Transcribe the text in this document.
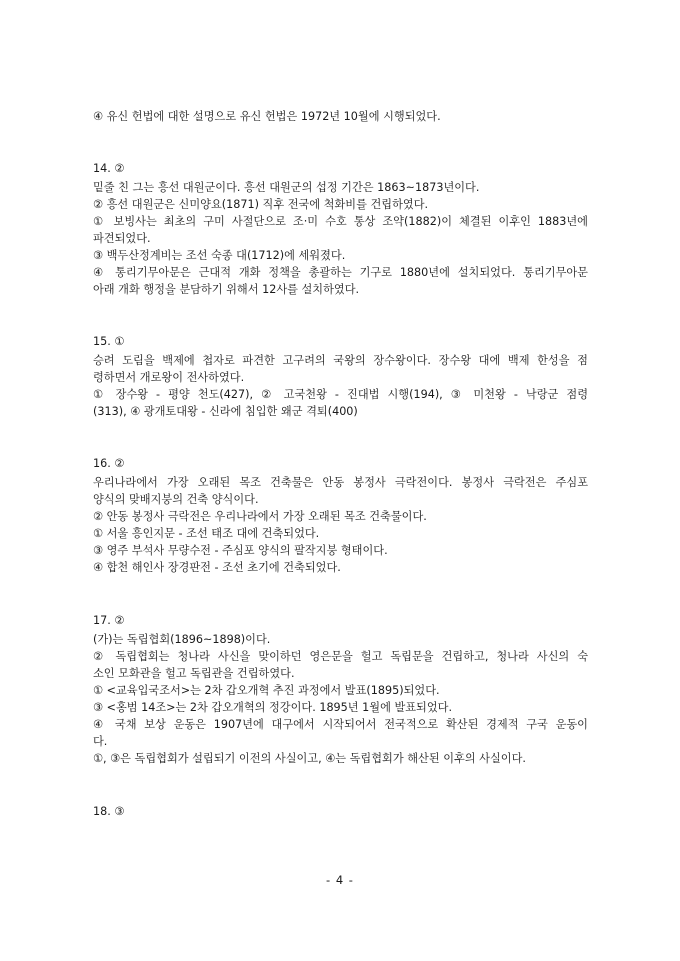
④ 유신 헌법에 대한 설명으로 유신 헌법은 1972년 10월에 시행되었다.
14. ②
밑줄 친 그는 흥선 대원군이다. 흥선 대원군의 섭정 기간은 1863~1873년이다.
② 흥선 대원군은 신미양요(1871) 직후 전국에 척화비를 건립하였다.
① 보빙사는 최초의 구미 사절단으로 조·미 수호 통상 조약(1882)이 체결된 이후인 1883년에
파견되었다.
③ 백두산정계비는 조선 숙종 대(1712)에 세워졌다.
④ 통리기무아문은 근대적 개화 정책을 총괄하는 기구로 1880년에 설치되었다. 통리기무아문
아래 개화 행정을 분담하기 위해서 12사를 설치하였다.
15. ①
승려 도림을 백제에 첩자로 파견한 고구려의 국왕의 장수왕이다. 장수왕 대에 백제 한성을 점
령하면서 개로왕이 전사하였다.
① 장수왕 - 평양 천도(427), ② 고국천왕 - 진대법 시행(194), ③ 미천왕 - 낙랑군 점령
(313), ④ 광개토대왕 - 신라에 침입한 왜군 격퇴(400)
16. ②
우리나라에서 가장 오래된 목조 건축물은 안동 봉정사 극락전이다. 봉정사 극락전은 주심포
양식의 맞배지붕의 건축 양식이다.
② 안동 봉정사 극락전은 우리나라에서 가장 오래된 목조 건축물이다.
① 서울 흥인지문 - 조선 태조 대에 건축되었다.
③ 영주 부석사 무량수전 - 주심포 양식의 팔작지붕 형태이다.
④ 합천 해인사 장경판전 - 조선 초기에 건축되었다.
17. ②
(가)는 독립협회(1896~1898)이다.
② 독립협회는 청나라 사신을 맞이하던 영은문을 헐고 독립문을 건립하고, 청나라 사신의 숙
소인 모화관을 헐고 독립관을 건립하였다.
① <교육입국조서>는 2차 갑오개혁 추진 과정에서 발표(1895)되었다.
③ <홍범 14조>는 2차 갑오개혁의 정강이다. 1895년 1월에 발표되었다.
④ 국채 보상 운동은 1907년에 대구에서 시작되어서 전국적으로 확산된 경제적 구국 운동이
다.
①, ③은 독립협회가 설립되기 이전의 사실이고, ④는 독립협회가 해산된 이후의 사실이다.
18. ③
- 4 -
